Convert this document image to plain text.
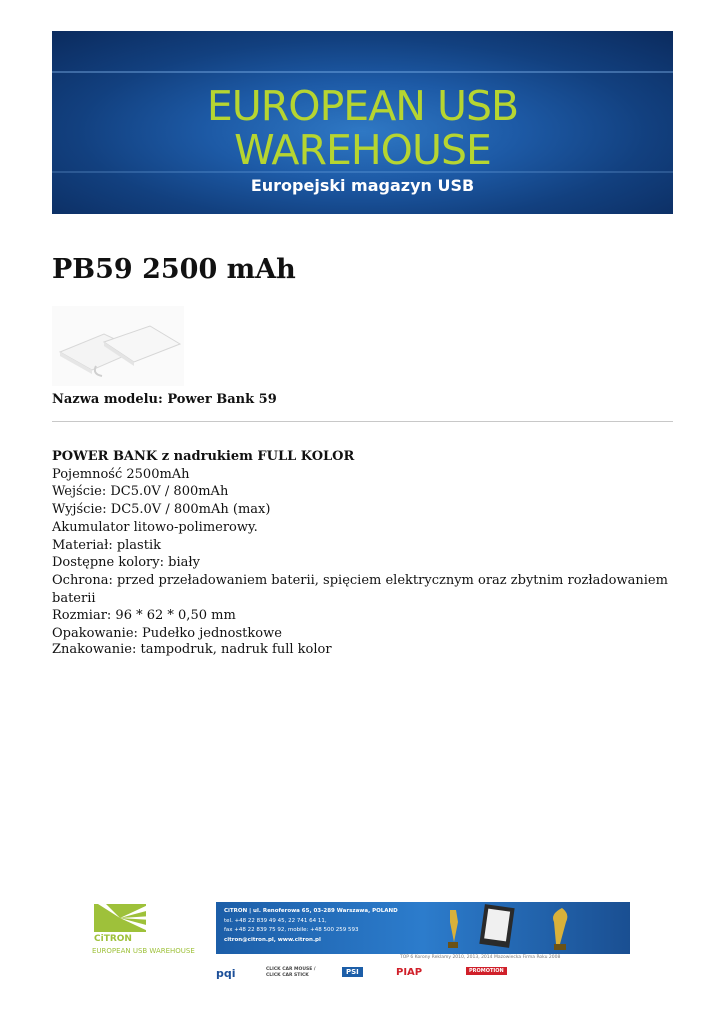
EUROPEAN USB
WAREHOUSE
Europejski magazyn USB
PB59 2500 mAh
Nazwa modelu: Power Bank 59
POWER BANK z nadrukiem FULL KOLOR
Pojemność 2500mAh
Wejście: DC5.0V / 800mAh
Wyjście: DC5.0V / 800mAh (max)
Akumulator litowo-polimerowy.
Materiał: plastik
Dostępne kolory: biały
Ochrona: przed przeładowaniem baterii, spięciem elektrycznym oraz zbytnim rozładowaniem baterii
Rozmiar: 96 * 62 * 0,50 mm
Opakowanie: Pudełko jednostkowe
Znakowanie: tampodruk, nadruk full kolor
CiTRON
EUROPEAN USB WAREHOUSE
CiTRON | ul. Renoferowa 65, 03-289 Warszawa, POLAND
tel. +48 22 839 49 45, 22 741 64 11,
fax +48 22 839 75 92, mobile: +48 500 259 593
citron@citron.pl, www.citron.pl
TOP 6 Korony Reklamy 2010, 2013, 2014 Mazowiecka Firma Roku 2008
pqi	CLICK CAR MOUSE / CLICK CAR STICK	PSI	PIAP	PROMOTION
